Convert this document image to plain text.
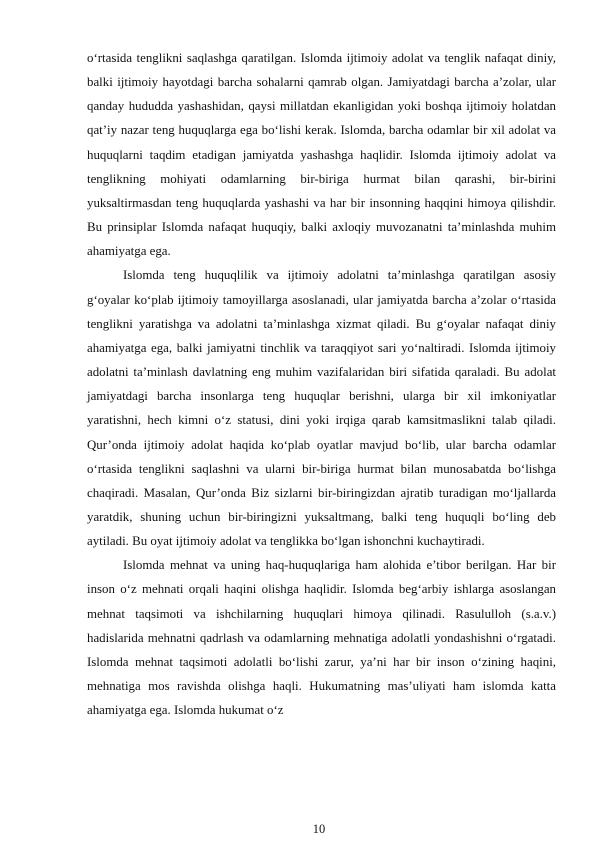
o‘rtasida tenglikni saqlashga qaratilgan. Islomda ijtimoiy adolat va tenglik nafaqat diniy, balki ijtimoiy hayotdagi barcha sohalarni qamrab olgan. Jamiyatdagi barcha a’zolar, ular qanday hududda yashashidan, qaysi millatdan ekanligidan yoki boshqa ijtimoiy holatdan qat’iy nazar teng huquqlarga ega bo‘lishi kerak. Islomda, barcha odamlar bir xil adolat va huquqlarni taqdim etadigan jamiyatda yashashga haqlidir. Islomda ijtimoiy adolat va tenglikning mohiyati odamlarning bir-biriga hurmat bilan qarashi, bir-birini yuksaltirmasdan teng huquqlarda yashashi va har bir insonning haqqini himoya qilishdir. Bu prinsiplar Islomda nafaqat huquqiy, balki axloqiy muvozanatni ta’minlashda muhim ahamiyatga ega.

Islomda teng huquqlilik va ijtimoiy adolatni ta’minlashga qaratilgan asosiy g‘oyalar ko‘plab ijtimoiy tamoyillarga asoslanadi, ular jamiyatda barcha a’zolar o‘rtasida tenglikni yaratishga va adolatni ta’minlashga xizmat qiladi. Bu g‘oyalar nafaqat diniy ahamiyatga ega, balki jamiyatni tinchlik va taraqqiyot sari yo‘naltiradi. Islomda ijtimoiy adolatni ta’minlash davlatning eng muhim vazifalaridan biri sifatida qaraladi. Bu adolat jamiyatdagi barcha insonlarga teng huquqlar berishni, ularga bir xil imkoniyatlar yaratishni, hech kimni o‘z statusi, dini yoki irqiga qarab kamsitmaslikni talab qiladi. Qur’onda ijtimoiy adolat haqida ko‘plab oyatlar mavjud bo‘lib, ular barcha odamlar o‘rtasida tenglikni saqlashni va ularni bir-biriga hurmat bilan munosabatda bo‘lishga chaqiradi. Masalan, Qur’onda Biz sizlarni bir-biringizdan ajratib turadigan mo‘ljallarda yaratdik, shuning uchun bir-biringizni yuksaltmang, balki teng huquqli bo‘ling deb aytiladi. Bu oyat ijtimoiy adolat va tenglikka bo‘lgan ishonchni kuchaytiradi.

Islomda mehnat va uning haq-huquqlariga ham alohida e’tibor berilgan. Har bir inson o‘z mehnati orqali haqini olishga haqlidir. Islomda beg‘arbiy ishlarga asoslangan mehnat taqsimoti va ishchilarning huquqlari himoya qilinadi. Rasululloh (s.a.v.) hadislarida mehnatni qadrlash va odamlarning mehnatiga adolatli yondashishni o‘rgatadi. Islomda mehnat taqsimoti adolatli bo‘lishi zarur, ya’ni har bir inson o‘zining haqini, mehnatiga mos ravishda olishga haqli. Hukumatning mas’uliyati ham islomda katta ahamiyatga ega. Islomda hukumat o‘z

10
